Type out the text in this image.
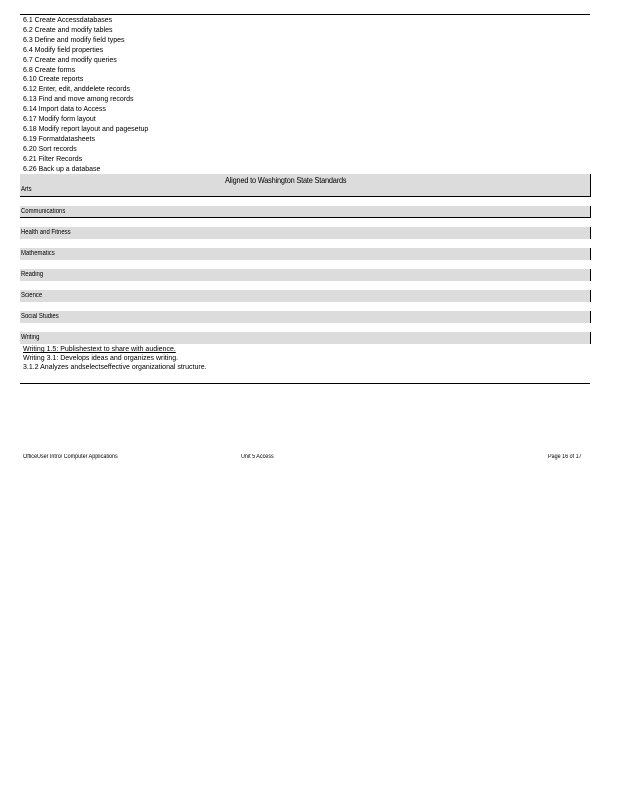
6.1 Create Accessdatabases
6.2 Create and modify tables
6.3 Define and modify field types
6.4 Modify field properties
6.7 Create and modify queries
6.8 Create forms
6.10 Create reports
6.12 Enter, edit, anddelete records
6.13 Find and move among records
6.14 Import data to Access
6.17 Modify form layout
6.18 Modify report layout and pagesetup
6.19 Formatdatasheets
6.20 Sort records
6.21 Filter Records
6.26 Back up a database
Aligned to Washington State Standards
Arts
Communications
Health and Fitness
Mathematics
Reading
Science
Social Studies
Writing
Writing 1.5: Publishestext to share with audience.
Writing 3.1: Develops ideas and organizes writing.
3.1.2 Analyzes andselectseffective organizational structure.
OfficeUser Intro/ Computer Applications	Unit 5 Access	Page 16 of 17
